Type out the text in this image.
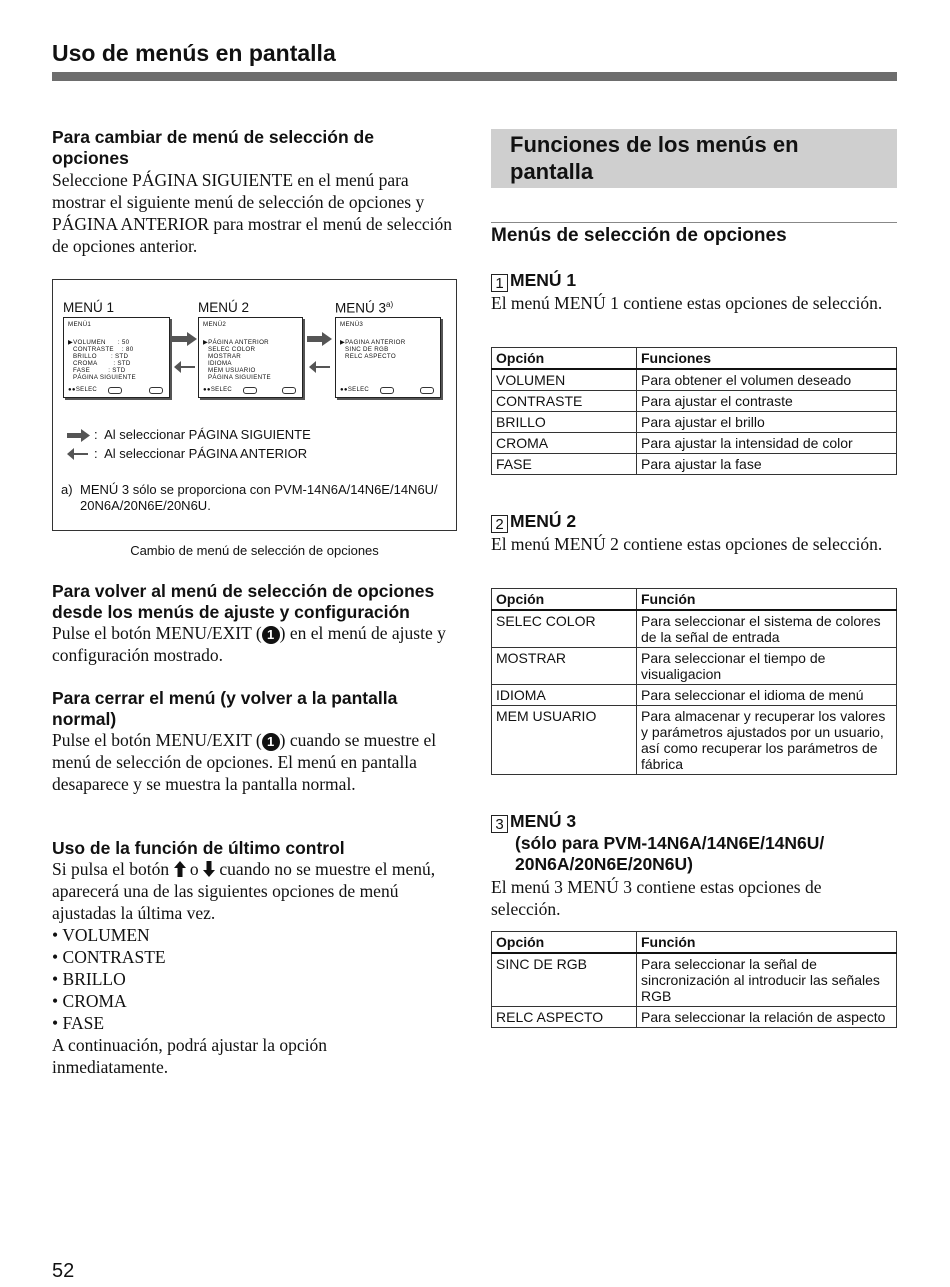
Uso de menús en pantalla
Para cambiar de menú de selección de opciones
Seleccione PÁGINA SIGUIENTE en el menú para mostrar el siguiente menú de selección de opciones y PÁGINA ANTERIOR para mostrar el menú de selección de opciones anterior.
MENÚ 1	MENÚ 2	MENÚ 3$^{a)}$
MENÚ1
▶VOLUMEN      : 50
CONTRASTE    : 80
BRILLO       : STD
CROMA        : STD
FASE         : STD
PÁGINA SIGUIENTE
●●SELEC
MENÚ2
▶PÁGINA ANTERIOR
SELEC COLOR
MOSTRAR
IDIOMA
MEM USUARIO
PÁGINA SIGUIENTE
●●SELEC
MENÚ3
▶PAGINA ANTERIOR
SINC DE RGB
RELC ASPECTO
●●SELEC
:  Al seleccionar PÁGINA SIGUIENTE
:  Al seleccionar PÁGINA ANTERIOR
a) MENÚ 3 sólo se proporciona con PVM-14N6A/14N6E/14N6U/ 20N6A/20N6E/20N6U.
Cambio de menú de selección de opciones
Para volver al menú de selección de opciones desde los menús de ajuste y configuración
Pulse el botón MENU/EXIT ( 1 ) en el menú de ajuste y configuración mostrado.
Para cerrar el menú (y volver a la pantalla normal)
Pulse el botón MENU/EXIT ( 1 ) cuando se muestre el menú de selección de opciones. El menú en pantalla desaparece y se muestra la pantalla normal.
Uso de la función de último control
Si pulsa el botón o cuando no se muestre el menú, aparecerá una de las siguientes opciones de menú ajustadas la última vez.
• VOLUMEN
• CONTRASTE
• BRILLO
• CROMA
• FASE
A continuación, podrá ajustar la opción inmediatamente.
Funciones de los menús en pantalla
Menús de selección de opciones
1 MENÚ 1
El menú MENÚ 1 contiene estas opciones de selección.
Opción	Funciones
VOLUMEN	Para obtener el volumen deseado
CONTRASTE	Para ajustar el contraste
BRILLO	Para ajustar el brillo
CROMA	Para ajustar la intensidad de color
FASE	Para ajustar la fase
2 MENÚ 2
El menú MENÚ 2 contiene estas opciones de selección.
Opción	Función
SELEC COLOR	Para seleccionar el sistema de colores de la señal de entrada
MOSTRAR	Para seleccionar el tiempo de visualigacion
IDIOMA	Para seleccionar el idioma de menú
MEM USUARIO	Para almacenar y recuperar los valores y parámetros ajustados por un usuario, así como recuperar los parámetros de fábrica
3 MENÚ 3
(sólo para PVM-14N6A/14N6E/14N6U/
20N6A/20N6E/20N6U)
El menú 3 MENÚ 3 contiene estas opciones de selección.
Opción	Función
SINC DE RGB	Para seleccionar la señal de sincronización al introducir las señales RGB
RELC ASPECTO	Para seleccionar la relación de aspecto
52
